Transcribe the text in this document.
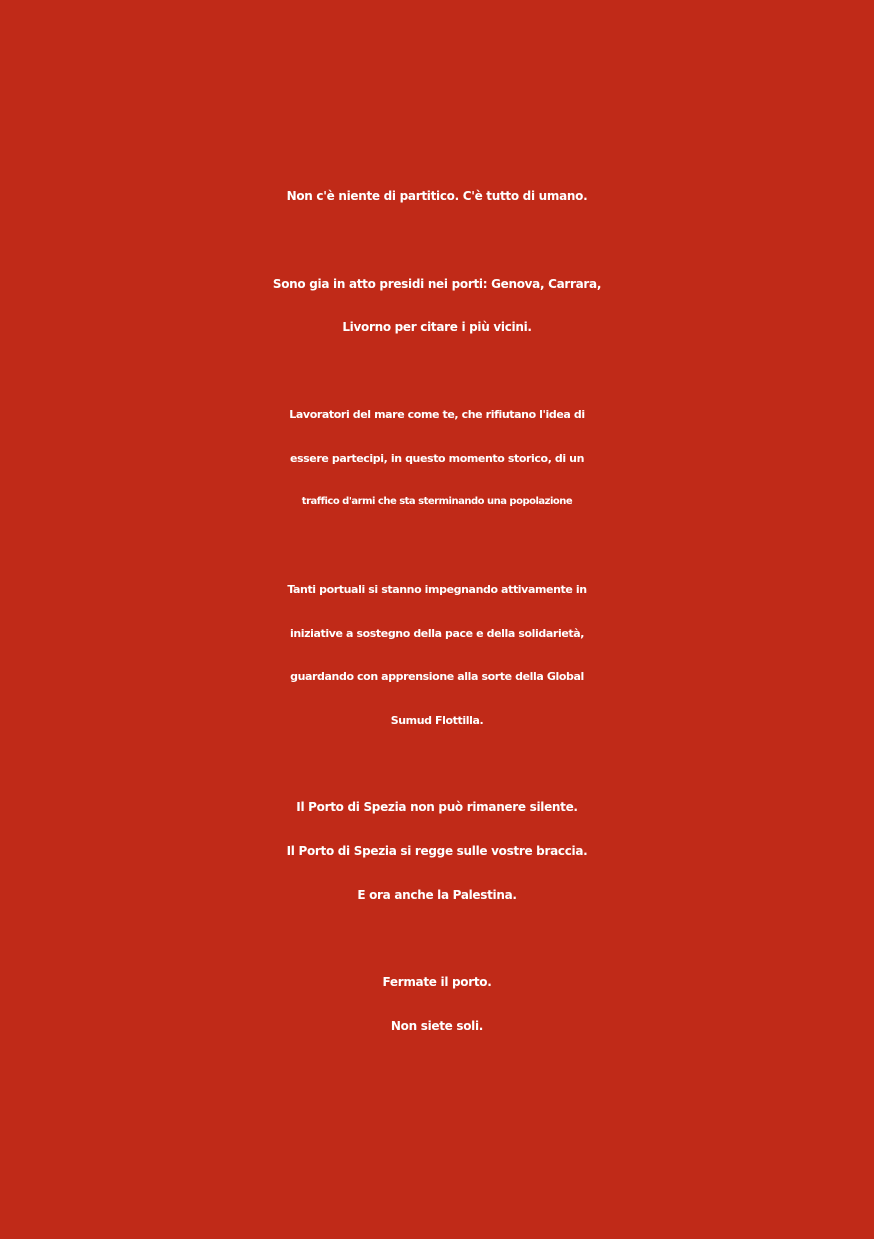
Non c'è niente di partitico. C'è tutto di umano.
Sono gia in atto presidi nei porti: Genova, Carrara,
Livorno per citare i più vicini.
Lavoratori del mare come te, che rifiutano l'idea di
essere partecipi, in questo momento storico, di un
traffico d'armi che sta sterminando una popolazione
Tanti portuali si stanno impegnando attivamente in
iniziative a sostegno della pace e della solidarietà,
guardando con apprensione alla sorte della Global
Sumud Flottilla.
Il Porto di Spezia non può rimanere silente.
Il Porto di Spezia si regge sulle vostre braccia.
E ora anche la Palestina.
Fermate il porto.
Non siete soli.
